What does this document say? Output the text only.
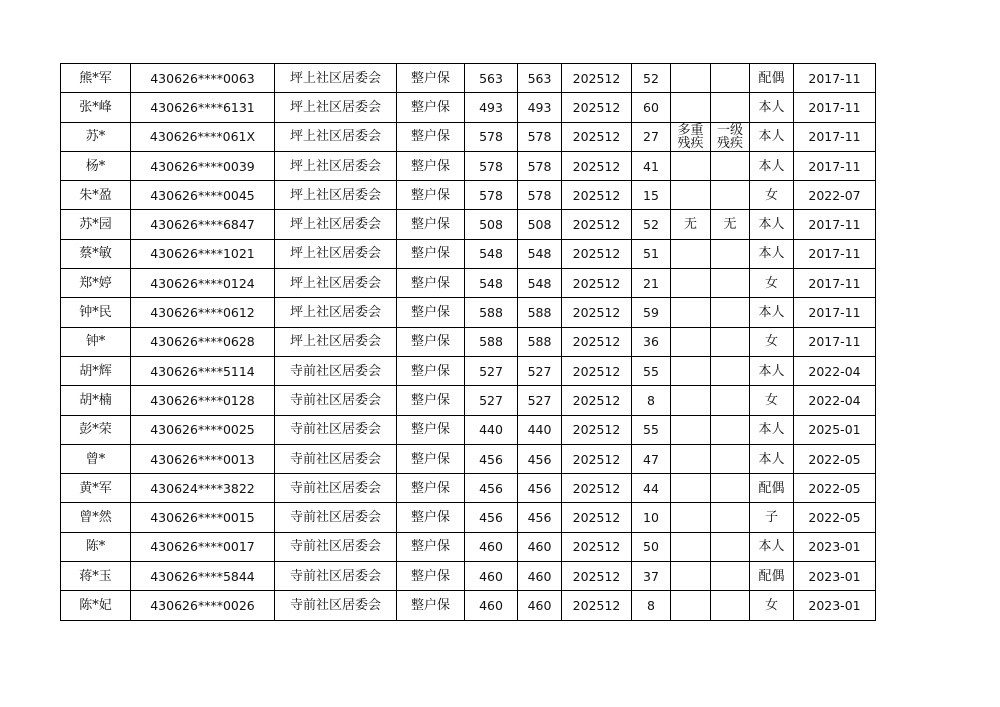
熊*军	430626****0063	坪上社区居委会	整户保	563	563	202512	52			配偶	2017-11
张*峰	430626****6131	坪上社区居委会	整户保	493	493	202512	60			本人	2017-11
苏*	430626****061X	坪上社区居委会	整户保	578	578	202512	27	多重残疾	一级残疾	本人	2017-11
杨*	430626****0039	坪上社区居委会	整户保	578	578	202512	41			本人	2017-11
朱*盈	430626****0045	坪上社区居委会	整户保	578	578	202512	15			女	2022-07
苏*园	430626****6847	坪上社区居委会	整户保	508	508	202512	52	无	无	本人	2017-11
蔡*敏	430626****1021	坪上社区居委会	整户保	548	548	202512	51			本人	2017-11
郑*婷	430626****0124	坪上社区居委会	整户保	548	548	202512	21			女	2017-11
钟*民	430626****0612	坪上社区居委会	整户保	588	588	202512	59			本人	2017-11
钟*	430626****0628	坪上社区居委会	整户保	588	588	202512	36			女	2017-11
胡*辉	430626****5114	寺前社区居委会	整户保	527	527	202512	55			本人	2022-04
胡*楠	430626****0128	寺前社区居委会	整户保	527	527	202512	8			女	2022-04
彭*荣	430626****0025	寺前社区居委会	整户保	440	440	202512	55			本人	2025-01
曾*	430626****0013	寺前社区居委会	整户保	456	456	202512	47			本人	2022-05
黄*军	430624****3822	寺前社区居委会	整户保	456	456	202512	44			配偶	2022-05
曾*然	430626****0015	寺前社区居委会	整户保	456	456	202512	10			子	2022-05
陈*	430626****0017	寺前社区居委会	整户保	460	460	202512	50			本人	2023-01
蒋*玉	430626****5844	寺前社区居委会	整户保	460	460	202512	37			配偶	2023-01
陈*妃	430626****0026	寺前社区居委会	整户保	460	460	202512	8			女	2023-01
